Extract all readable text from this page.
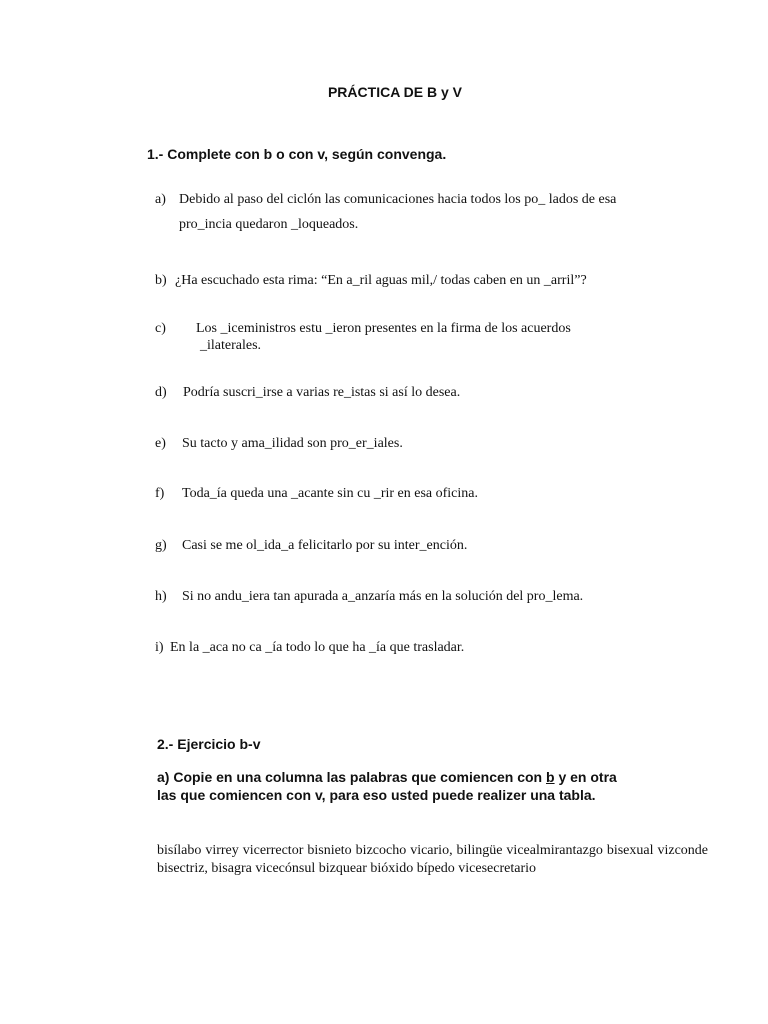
PRÁCTICA DE B y V
1.- Complete con b o con v, según convenga.
a) Debido al paso del ciclón las comunicaciones hacia todos los po_ lados de esa
pro_incia quedaron _loqueados.
b) ¿Ha escuchado esta rima: “En a_ril aguas mil,/ todas caben en un _arril”?
c) Los _iceministros estu _ieron presentes en la firma de los acuerdos
_ilaterales.
d) Podría suscri_irse a varias re_istas si así lo desea.
e) Su tacto y ama_ilidad son pro_er_iales.
f) Toda_ía queda una _acante sin cu _rir en esa oficina.
g) Casi se me ol_ida_a felicitarlo por su inter_ención.
h) Si no andu_iera tan apurada a_anzaría más en la solución del pro_lema.
i) En la _aca no ca _ía todo lo que ha _ía que trasladar.
2.- Ejercicio b-v
a) Copie en una columna las palabras que comiencen con b y en otra las que comiencen con v, para eso usted puede realizer una tabla.
bisílabo virrey vicerrector bisnieto bizcocho vicario, bilingüe vicealmirantazgo bisexual vizconde bisectriz, bisagra vicecónsul bizquear bióxido bípedo vicesecretario
